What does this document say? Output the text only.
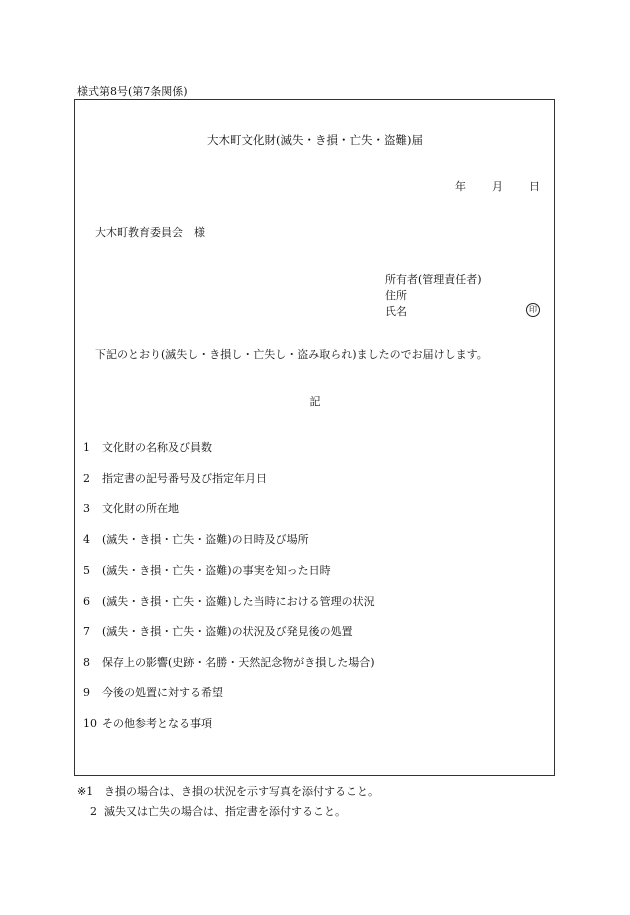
様式第8号(第7条関係)
大木町文化財(滅失・き損・亡失・盗難)届
年 月 日
大木町教育委員会　様
所有者(管理責任者)
住所
氏名	印
下記のとおり(滅失し・き損し・亡失し・盗み取られ)ましたのでお届けします。
記
1 文化財の名称及び員数
2 指定書の記号番号及び指定年月日
3 文化財の所在地
4 (滅失・き損・亡失・盗難)の日時及び場所
5 (滅失・き損・亡失・盗難)の事実を知った日時
6 (滅失・き損・亡失・盗難)した当時における管理の状況
7 (滅失・き損・亡失・盗難)の状況及び発見後の処置
8 保存上の影響(史跡・名勝・天然記念物がき損した場合)
9 今後の処置に対する希望
10 その他参考となる事項
※1 き損の場合は、き損の状況を示す写真を添付すること。
2 滅失又は亡失の場合は、指定書を添付すること。
